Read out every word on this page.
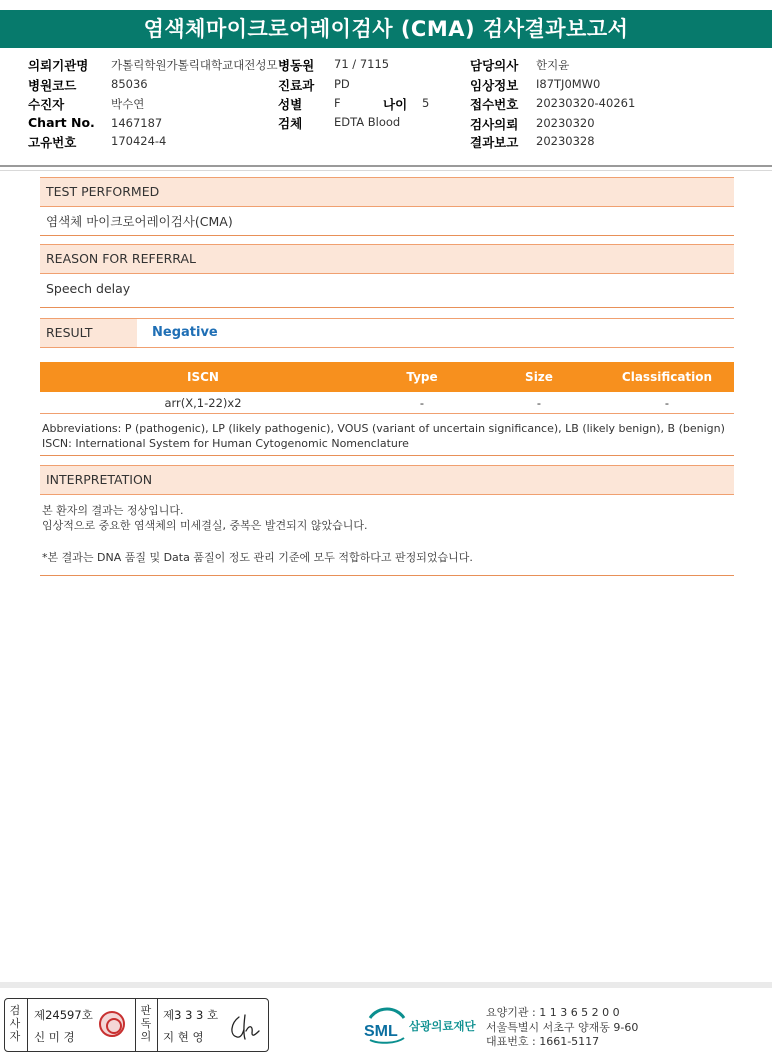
염색체마이크로어레이검사 (CMA) 검사결과보고서
의뢰기관명 가톨릭학원가톨릭대학교대전성모 병동원 71 / 7115	담당의사 한지윤
병원코드	85036	진료과 PD	임상정보 I87TJ0MW0
수진자	박수연	성별	F	나이 5	접수번호 20230320-40261
Chart No. 1467187	검체	EDTA Blood	검사의뢰 20230320
고유번호	170424-4	결과보고 20230328
TEST PERFORMED
염색체 마이크로어레이검사(CMA)
REASON FOR REFERRAL
Speech delay
RESULT	Negative
ISCN	Type	Size	Classification
arr(X,1-22)x2	-	-	-
Abbreviations: P (pathogenic), LP (likely pathogenic), VOUS (variant of uncertain significance), LB (likely benign), B (benign)
ISCN: International System for Human Cytogenomic Nomenclature
INTERPRETATION
본 환자의 결과는 정상입니다.
임상적으로 중요한 염색체의 미세결실, 중복은 발견되지 않았습니다.
*본 결과는 DNA 품질 및 Data 품질이 정도 관리 기준에 모두 적합하다고 판정되었습니다.
검사자
제24597호
신 미 경
판독의
제3 3 3 호
지 현 영	SML 삼광의료재단
요양기관 : 1 1 3 6 5 2 0 0
서울특별시 서초구 양재동 9-60
대표번호 : 1661-5117
